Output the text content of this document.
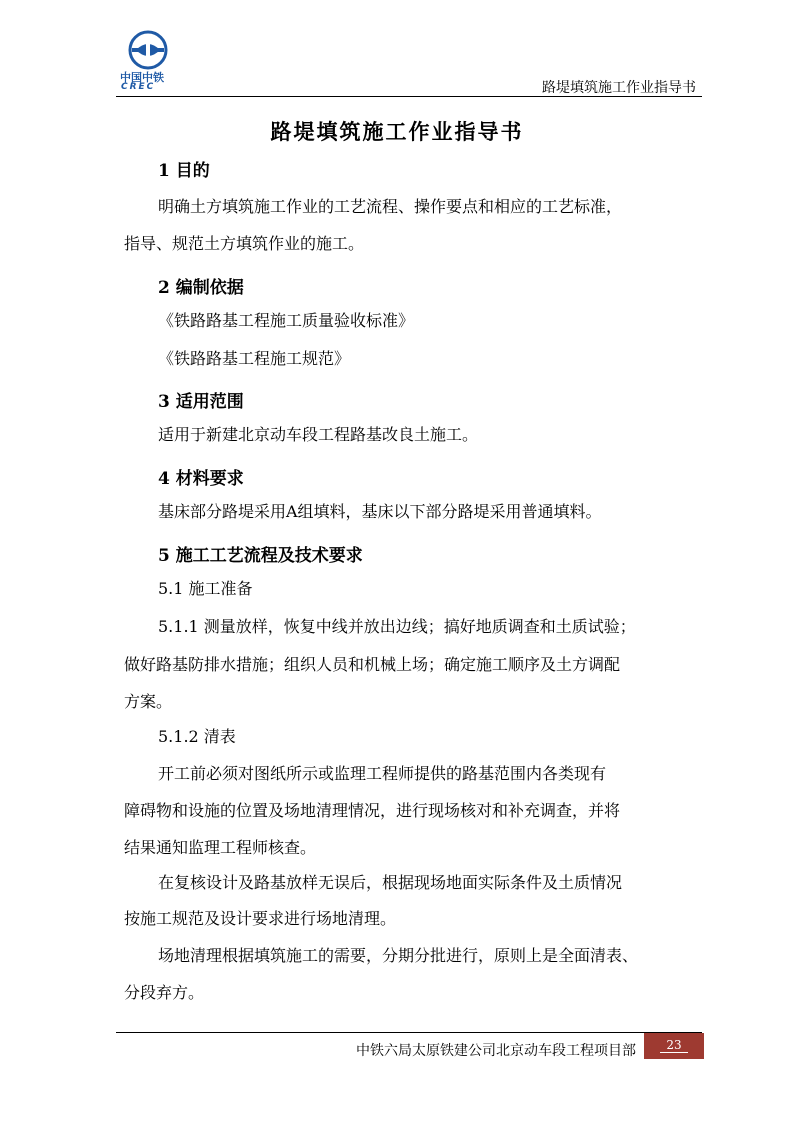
中国中铁
CREC	路堤填筑施工作业指导书
路堤填筑施工作业指导书
1 目的
明确土方填筑施工作业的工艺流程、操作要点和相应的工艺标准，
指导、规范土方填筑作业的施工。
2 编制依据
《铁路路基工程施工质量验收标准》
《铁路路基工程施工规范》
3 适用范围
适用于新建北京动车段工程路基改良土施工。
4 材料要求
基床部分路堤采用A组填料，基床以下部分路堤采用普通填料。
5 施工工艺流程及技术要求
5.1 施工准备
5.1.1 测量放样，恢复中线并放出边线；搞好地质调查和土质试验；
做好路基防排水措施；组织人员和机械上场；确定施工顺序及土方调配
方案。
5.1.2 清表
开工前必须对图纸所示或监理工程师提供的路基范围内各类现有
障碍物和设施的位置及场地清理情况，进行现场核对和补充调查，并将
结果通知监理工程师核查。
在复核设计及路基放样无误后，根据现场地面实际条件及土质情况
按施工规范及设计要求进行场地清理。
场地清理根据填筑施工的需要，分期分批进行，原则上是全面清表、
分段弃方。
中铁六局太原铁建公司北京动车段工程项目部	23
